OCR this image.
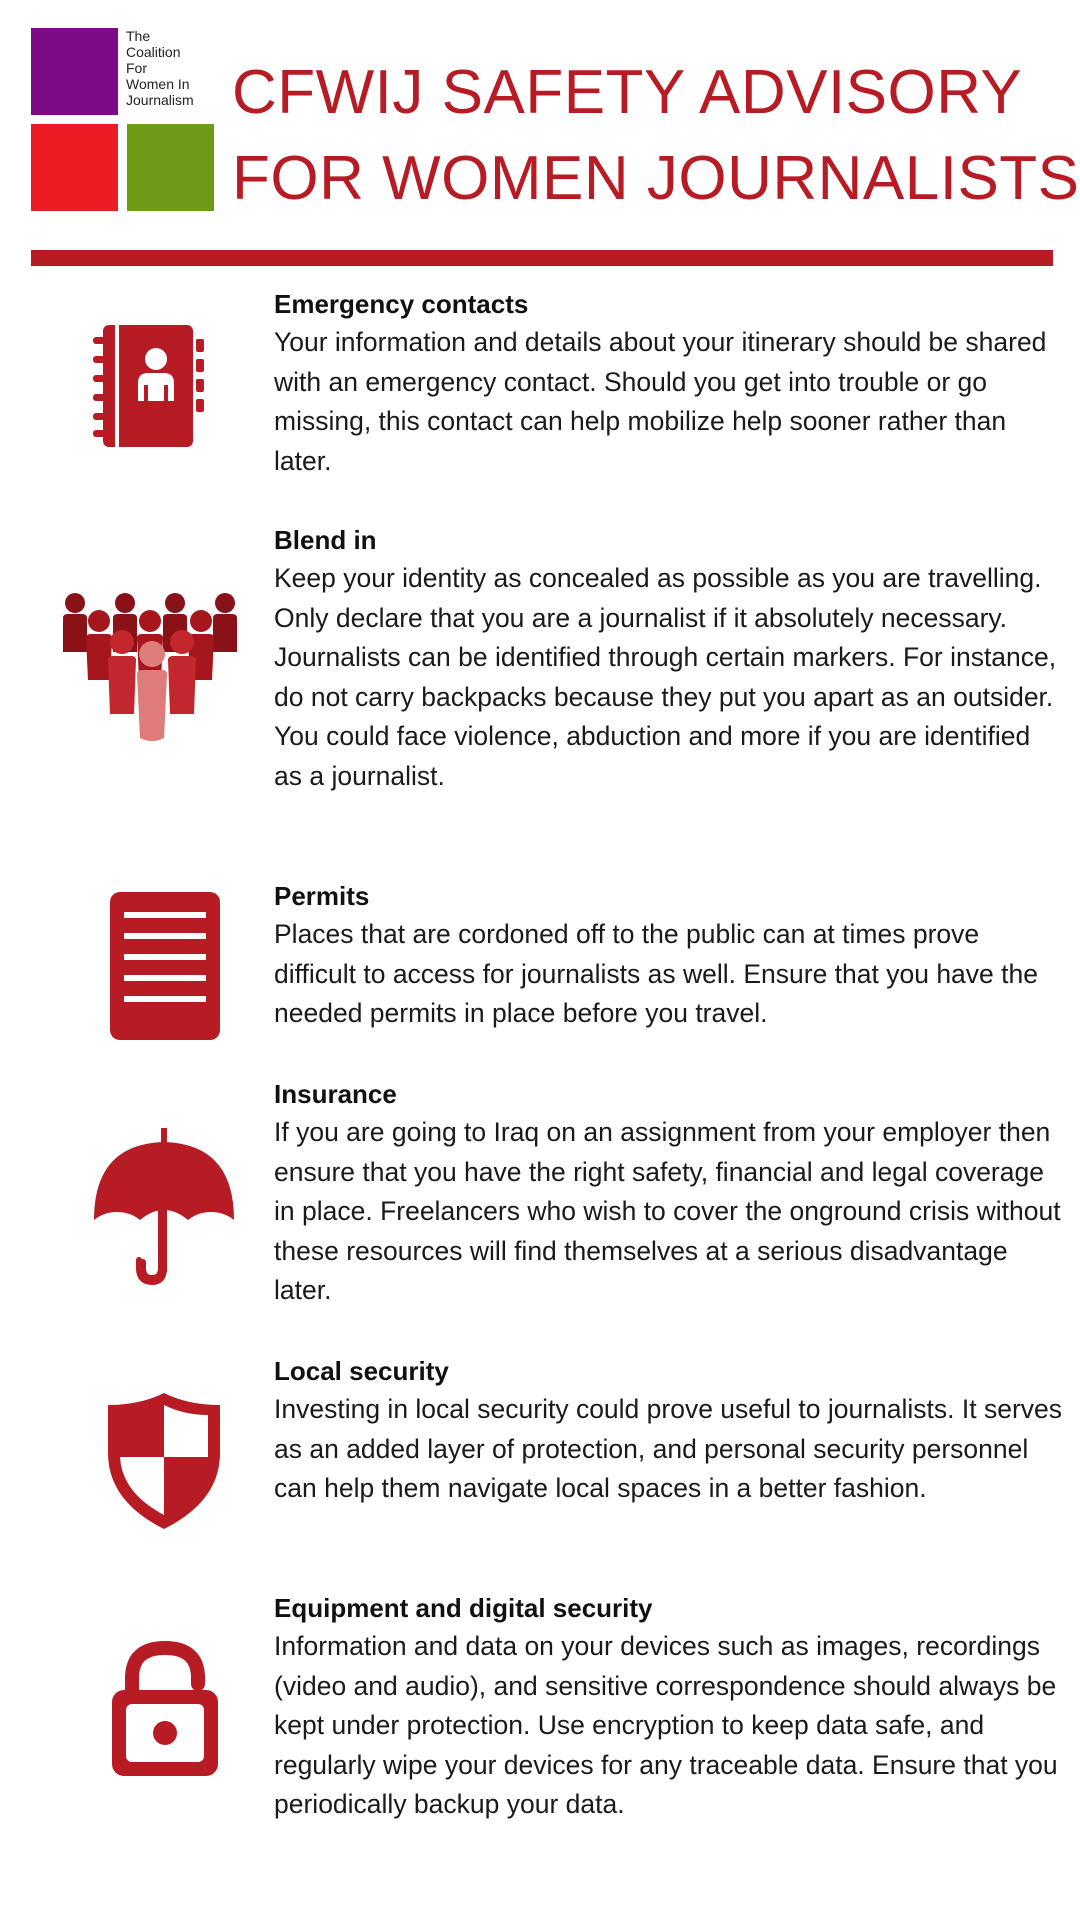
The
Coalition
For
Women In
Journalism CFWIJ SAFETY ADVISORY
FOR WOMEN JOURNALISTS
Emergency contacts

Your information and details about your itinerary should be shared with an emergency contact. Should you get into trouble or go missing, this contact can help mobilize help sooner rather than later.

Blend in

Keep your identity as concealed as possible as you are travelling. Only declare that you are a journalist if it absolutely necessary. Journalists can be identified through certain markers. For instance, do not carry backpacks because they put you apart as an outsider. You could face violence, abduction and more if you are identified as a journalist.

Permits

Places that are cordoned off to the public can at times prove difficult to access for journalists as well. Ensure that you have the needed permits in place before you travel.

Insurance

If you are going to Iraq on an assignment from your employer then ensure that you have the right safety, financial and legal coverage in place. Freelancers who wish to cover the onground crisis without these resources will find themselves at a serious disadvantage later.

Local security

Investing in local security could prove useful to journalists. It serves as an added layer of protection, and personal security personnel can help them navigate local spaces in a better fashion.

Equipment and digital security

Information and data on your devices such as images, recordings (video and audio), and sensitive correspondence should always be kept under protection. Use encryption to keep data safe, and regularly wipe your devices for any traceable data. Ensure that you periodically backup your data.
